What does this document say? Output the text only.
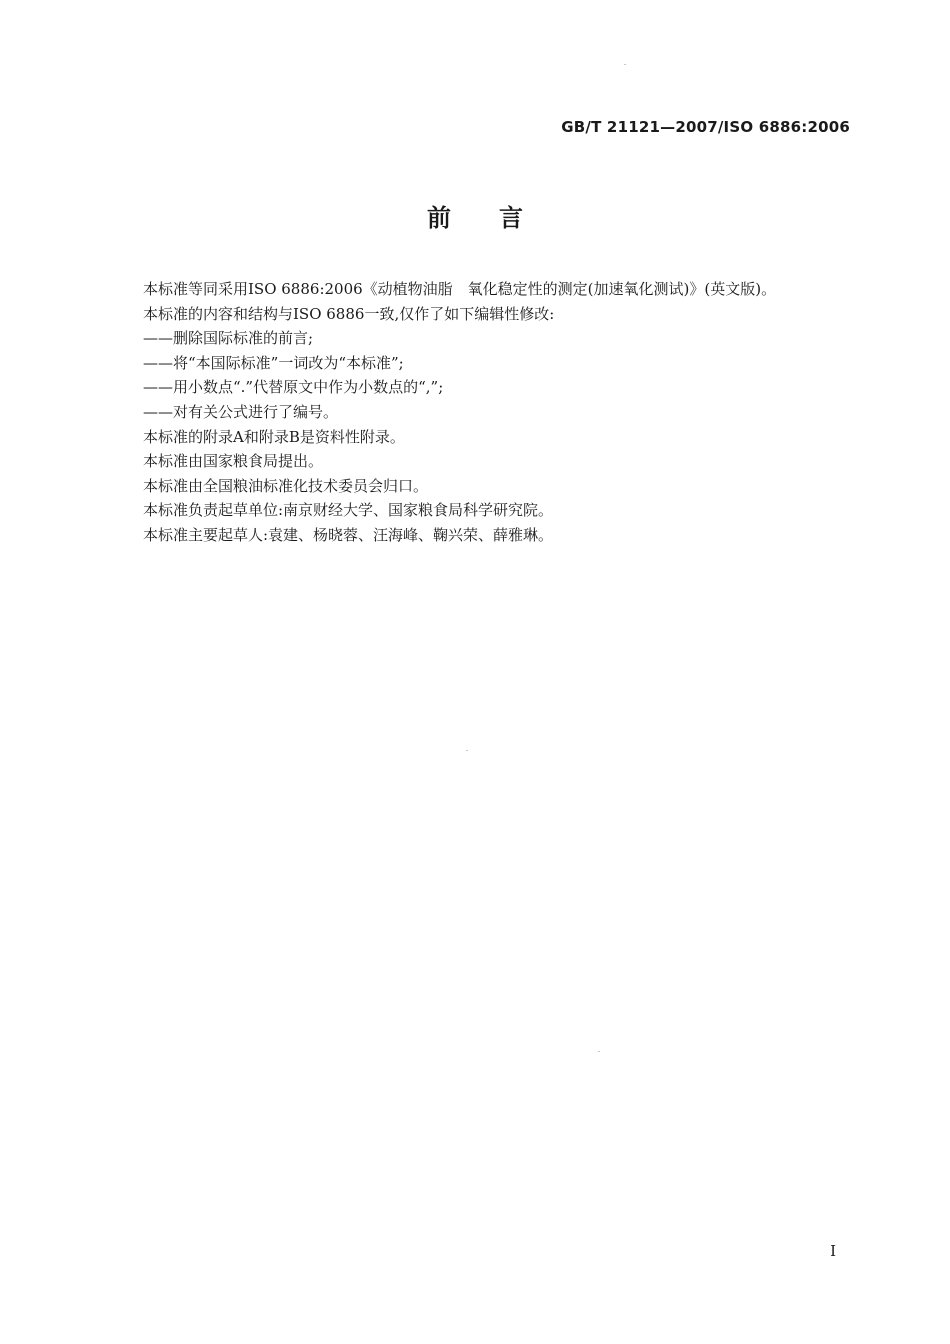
GB/T 21121—2007/ISO 6886:2006
前言

本标准等同采用ISO 6886:2006《动植物油脂　氧化稳定性的测定(加速氧化测试)》(英文版)。

本标准的内容和结构与ISO 6886一致,仅作了如下编辑性修改:

——删除国际标准的前言;

——将“本国际标准”一词改为“本标准”;

——用小数点“.”代替原文中作为小数点的“,”;

——对有关公式进行了编号。

本标准的附录A和附录B是资料性附录。

本标准由国家粮食局提出。

本标准由全国粮油标准化技术委员会归口。

本标准负责起草单位:南京财经大学、国家粮食局科学研究院。

本标准主要起草人:袁建、杨晓蓉、汪海峰、鞠兴荣、薛雅琳。

I
